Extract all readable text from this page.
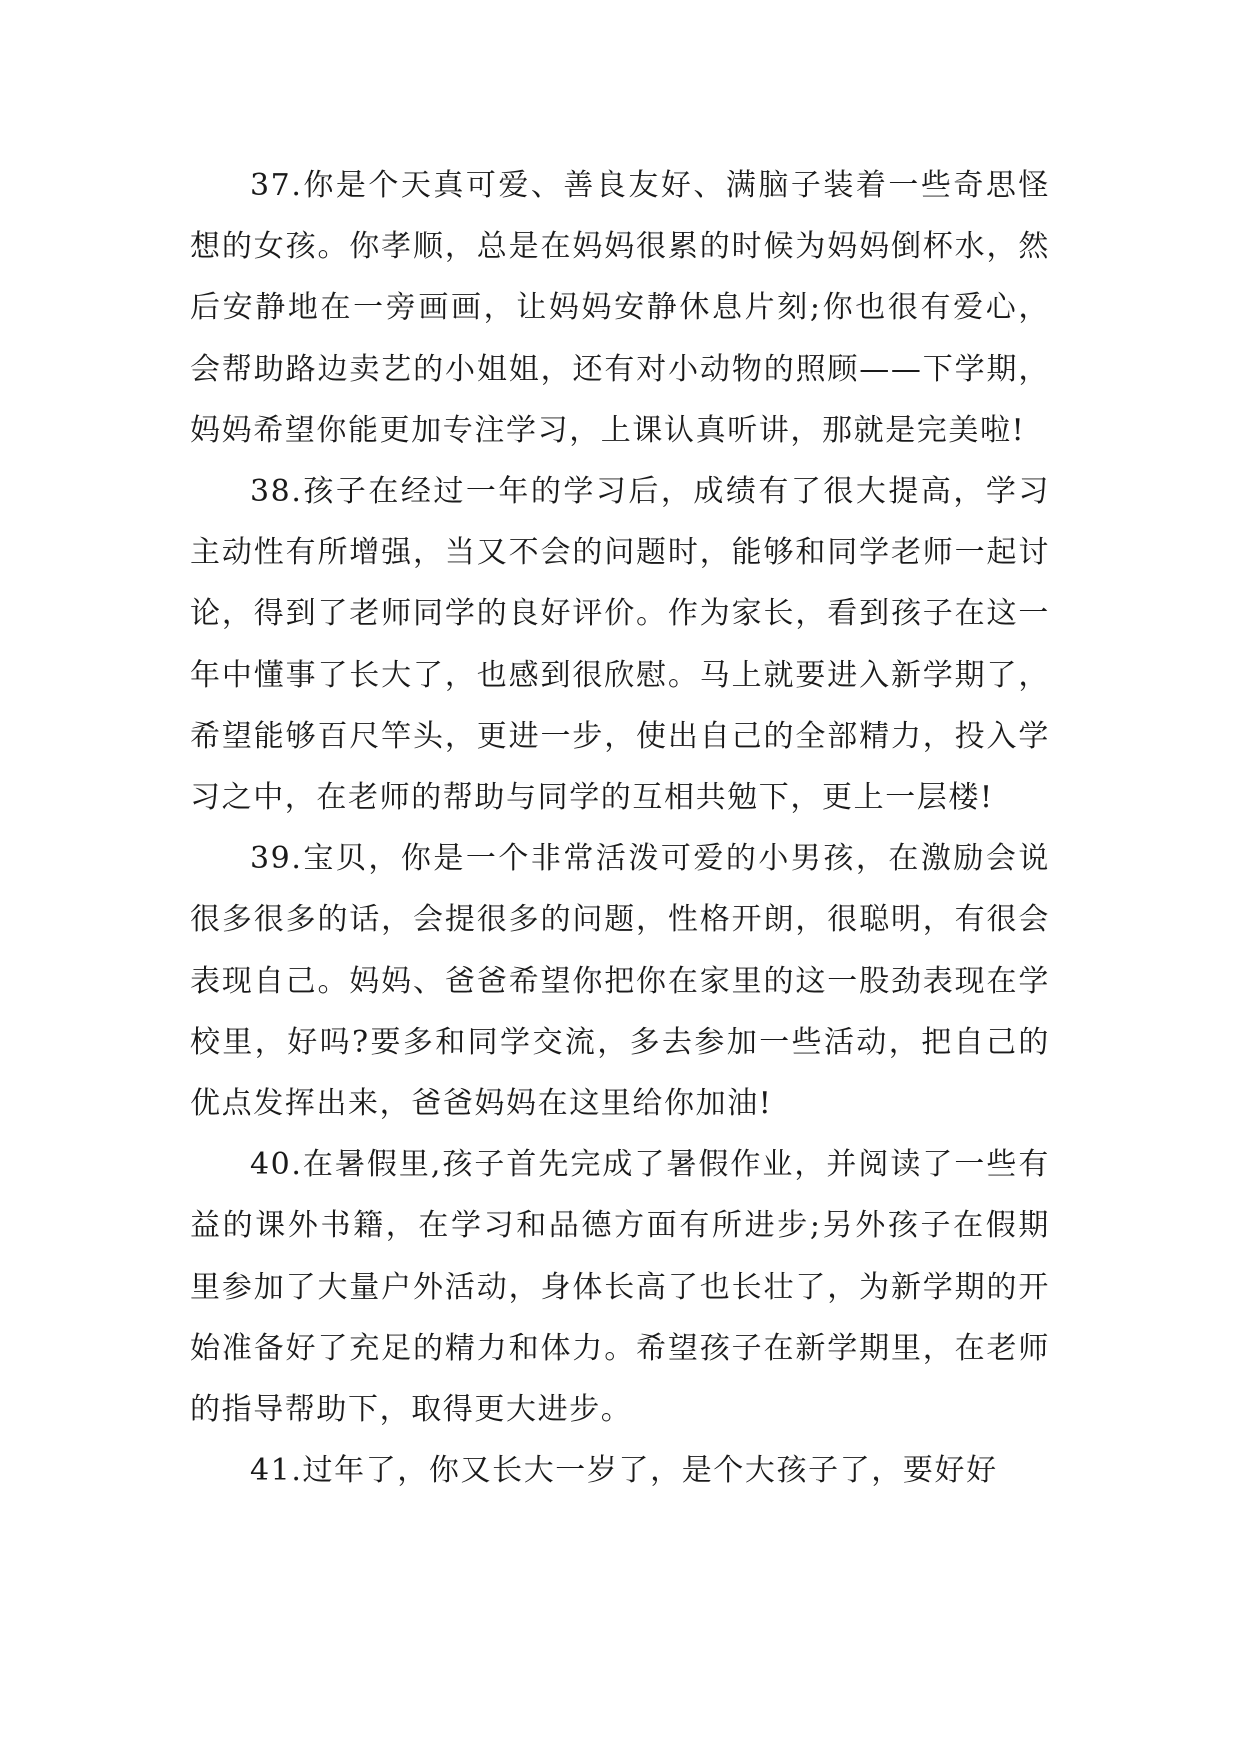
37.你是个天真可爱、善良友好、满脑子装着一些奇思怪想的女孩。你孝顺，总是在妈妈很累的时候为妈妈倒杯水，然后安静地在一旁画画，让妈妈安静休息片刻;你也很有爱心，会帮助路边卖艺的小姐姐，还有对小动物的照顾——下学期，妈妈希望你能更加专注学习，上课认真听讲，那就是完美啦!

38.孩子在经过一年的学习后，成绩有了很大提高，学习主动性有所增强，当又不会的问题时，能够和同学老师一起讨论，得到了老师同学的良好评价。作为家长，看到孩子在这一年中懂事了长大了，也感到很欣慰。马上就要进入新学期了，希望能够百尺竿头，更进一步，使出自己的全部精力，投入学习之中，在老师的帮助与同学的互相共勉下，更上一层楼!

39.宝贝，你是一个非常活泼可爱的小男孩，在激励会说很多很多的话，会提很多的问题，性格开朗，很聪明，有很会表现自己。妈妈、爸爸希望你把你在家里的这一股劲表现在学校里，好吗?要多和同学交流，多去参加一些活动，把自己的优点发挥出来，爸爸妈妈在这里给你加油!

40.在暑假里,孩子首先完成了暑假作业，并阅读了一些有益的课外书籍，在学习和品德方面有所进步;另外孩子在假期里参加了大量户外活动，身体长高了也长壮了，为新学期的开始准备好了充足的精力和体力。希望孩子在新学期里，在老师的指导帮助下，取得更大进步。

41.过年了，你又长大一岁了，是个大孩子了，要好好
